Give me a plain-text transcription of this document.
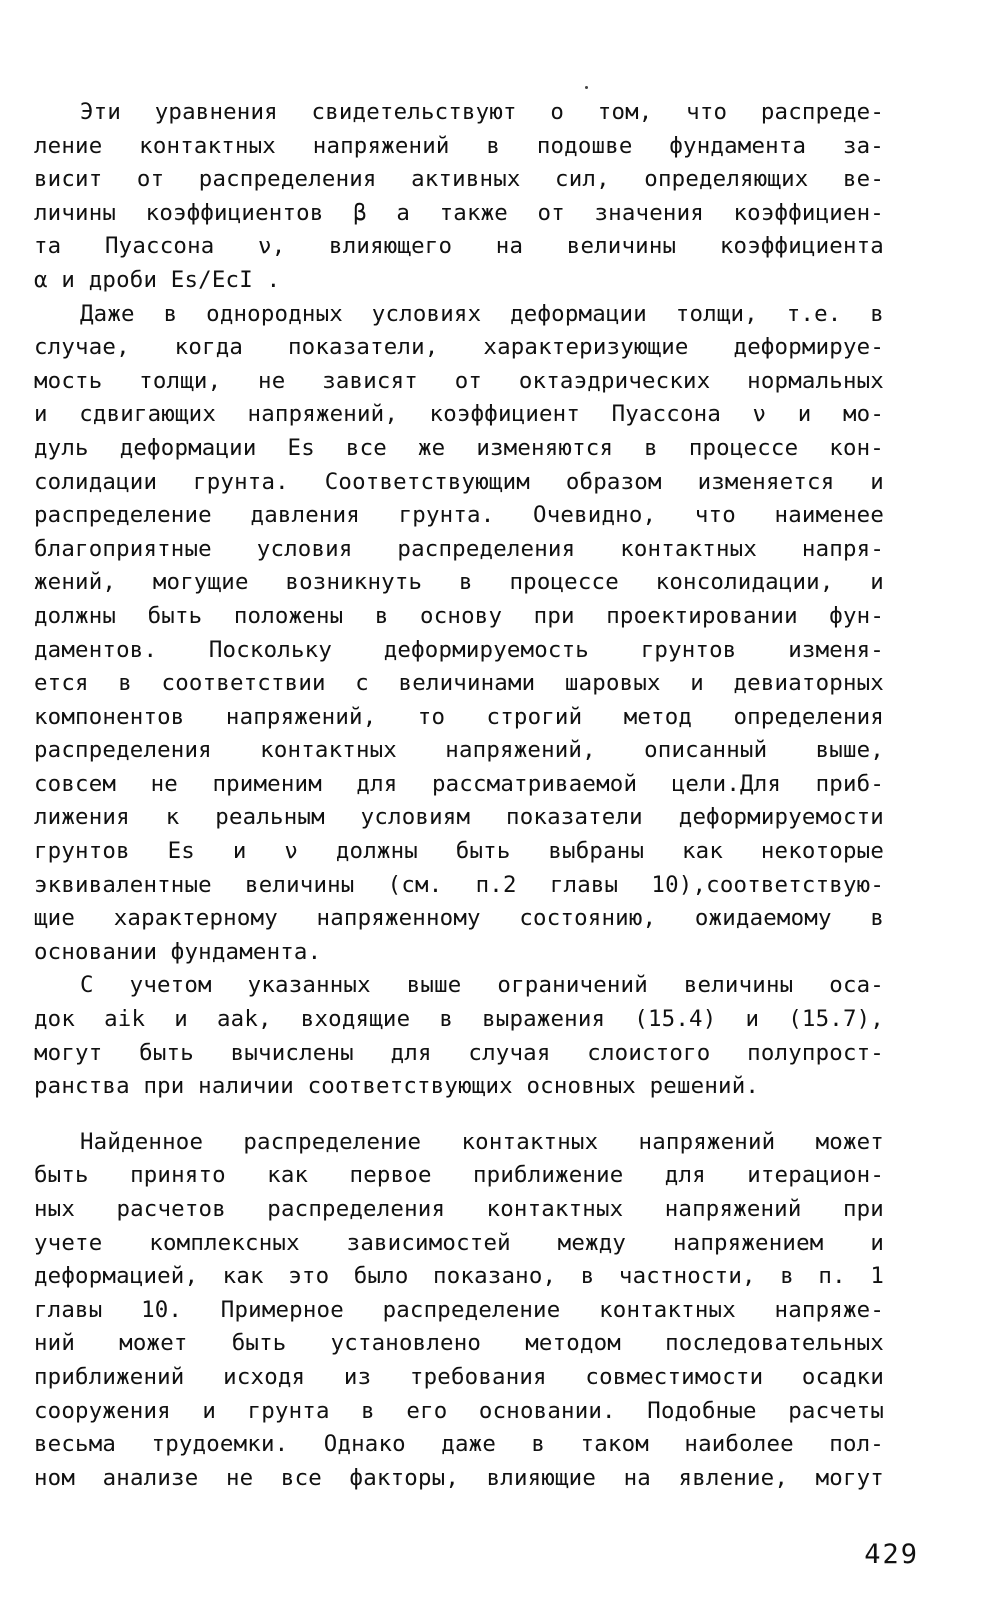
Эти уравнения свидетельствуют о том, что распреде-
ление контактных напряжений в подошве фундамента за-
висит от распределения активных сил, определяющих ве-
личины коэффициентов β а также от значения коэффициен-
та Пуассона ν, влияющего на величины коэффициента
α и дроби Es/EcI .
Даже в однородных условиях деформации толщи, т.е. в
случае, когда показатели, характеризующие деформируе-
мость толщи, не зависят от октаэдрических нормальных
и сдвигающих напряжений, коэффициент Пуассона ν и мо-
дуль деформации Es все же изменяются в процессе кон-
солидации грунта. Соответствующим образом изменяется и
распределение давления грунта. Очевидно, что наименее
благоприятные условия распределения контактных напря-
жений, могущие возникнуть в процессе консолидации, и
должны быть положены в основу при проектировании фун-
даментов. Поскольку деформируемость грунтов изменя-
ется в соответствии с величинами шаровых и девиаторных
компонентов напряжений, то строгий метод определения
распределения контактных напряжений, описанный выше,
совсем не применим для рассматриваемой цели.Для приб-
лижения к реальным условиям показатели деформируемости
грунтов Es и ν должны быть выбраны как некоторые
эквивалентные величины (см. п.2 главы 10),соответствую-
щие характерному напряженному состоянию, ожидаемому в
основании фундамента.
С учетом указанных выше ограничений величины оса-
док aik и aak, входящие в выражения (15.4) и (15.7),
могут быть вычислены для случая слоистого полупрост-
ранства при наличии соответствующих основных решений.
Найденное распределение контактных напряжений может
быть принято как первое приближение для итерацион-
ных расчетов распределения контактных напряжений при
учете комплексных зависимостей между напряжением и
деформацией, как это было показано, в частности, в п. 1
главы 10. Примерное распределение контактных напряже-
ний может быть установлено методом последовательных
приближений исходя из требования совместимости осадки
сооружения и грунта в его основании. Подобные расчеты
весьма трудоемки. Однако даже в таком наиболее пол-
ном анализе не все факторы, влияющие на явление, могут
429
